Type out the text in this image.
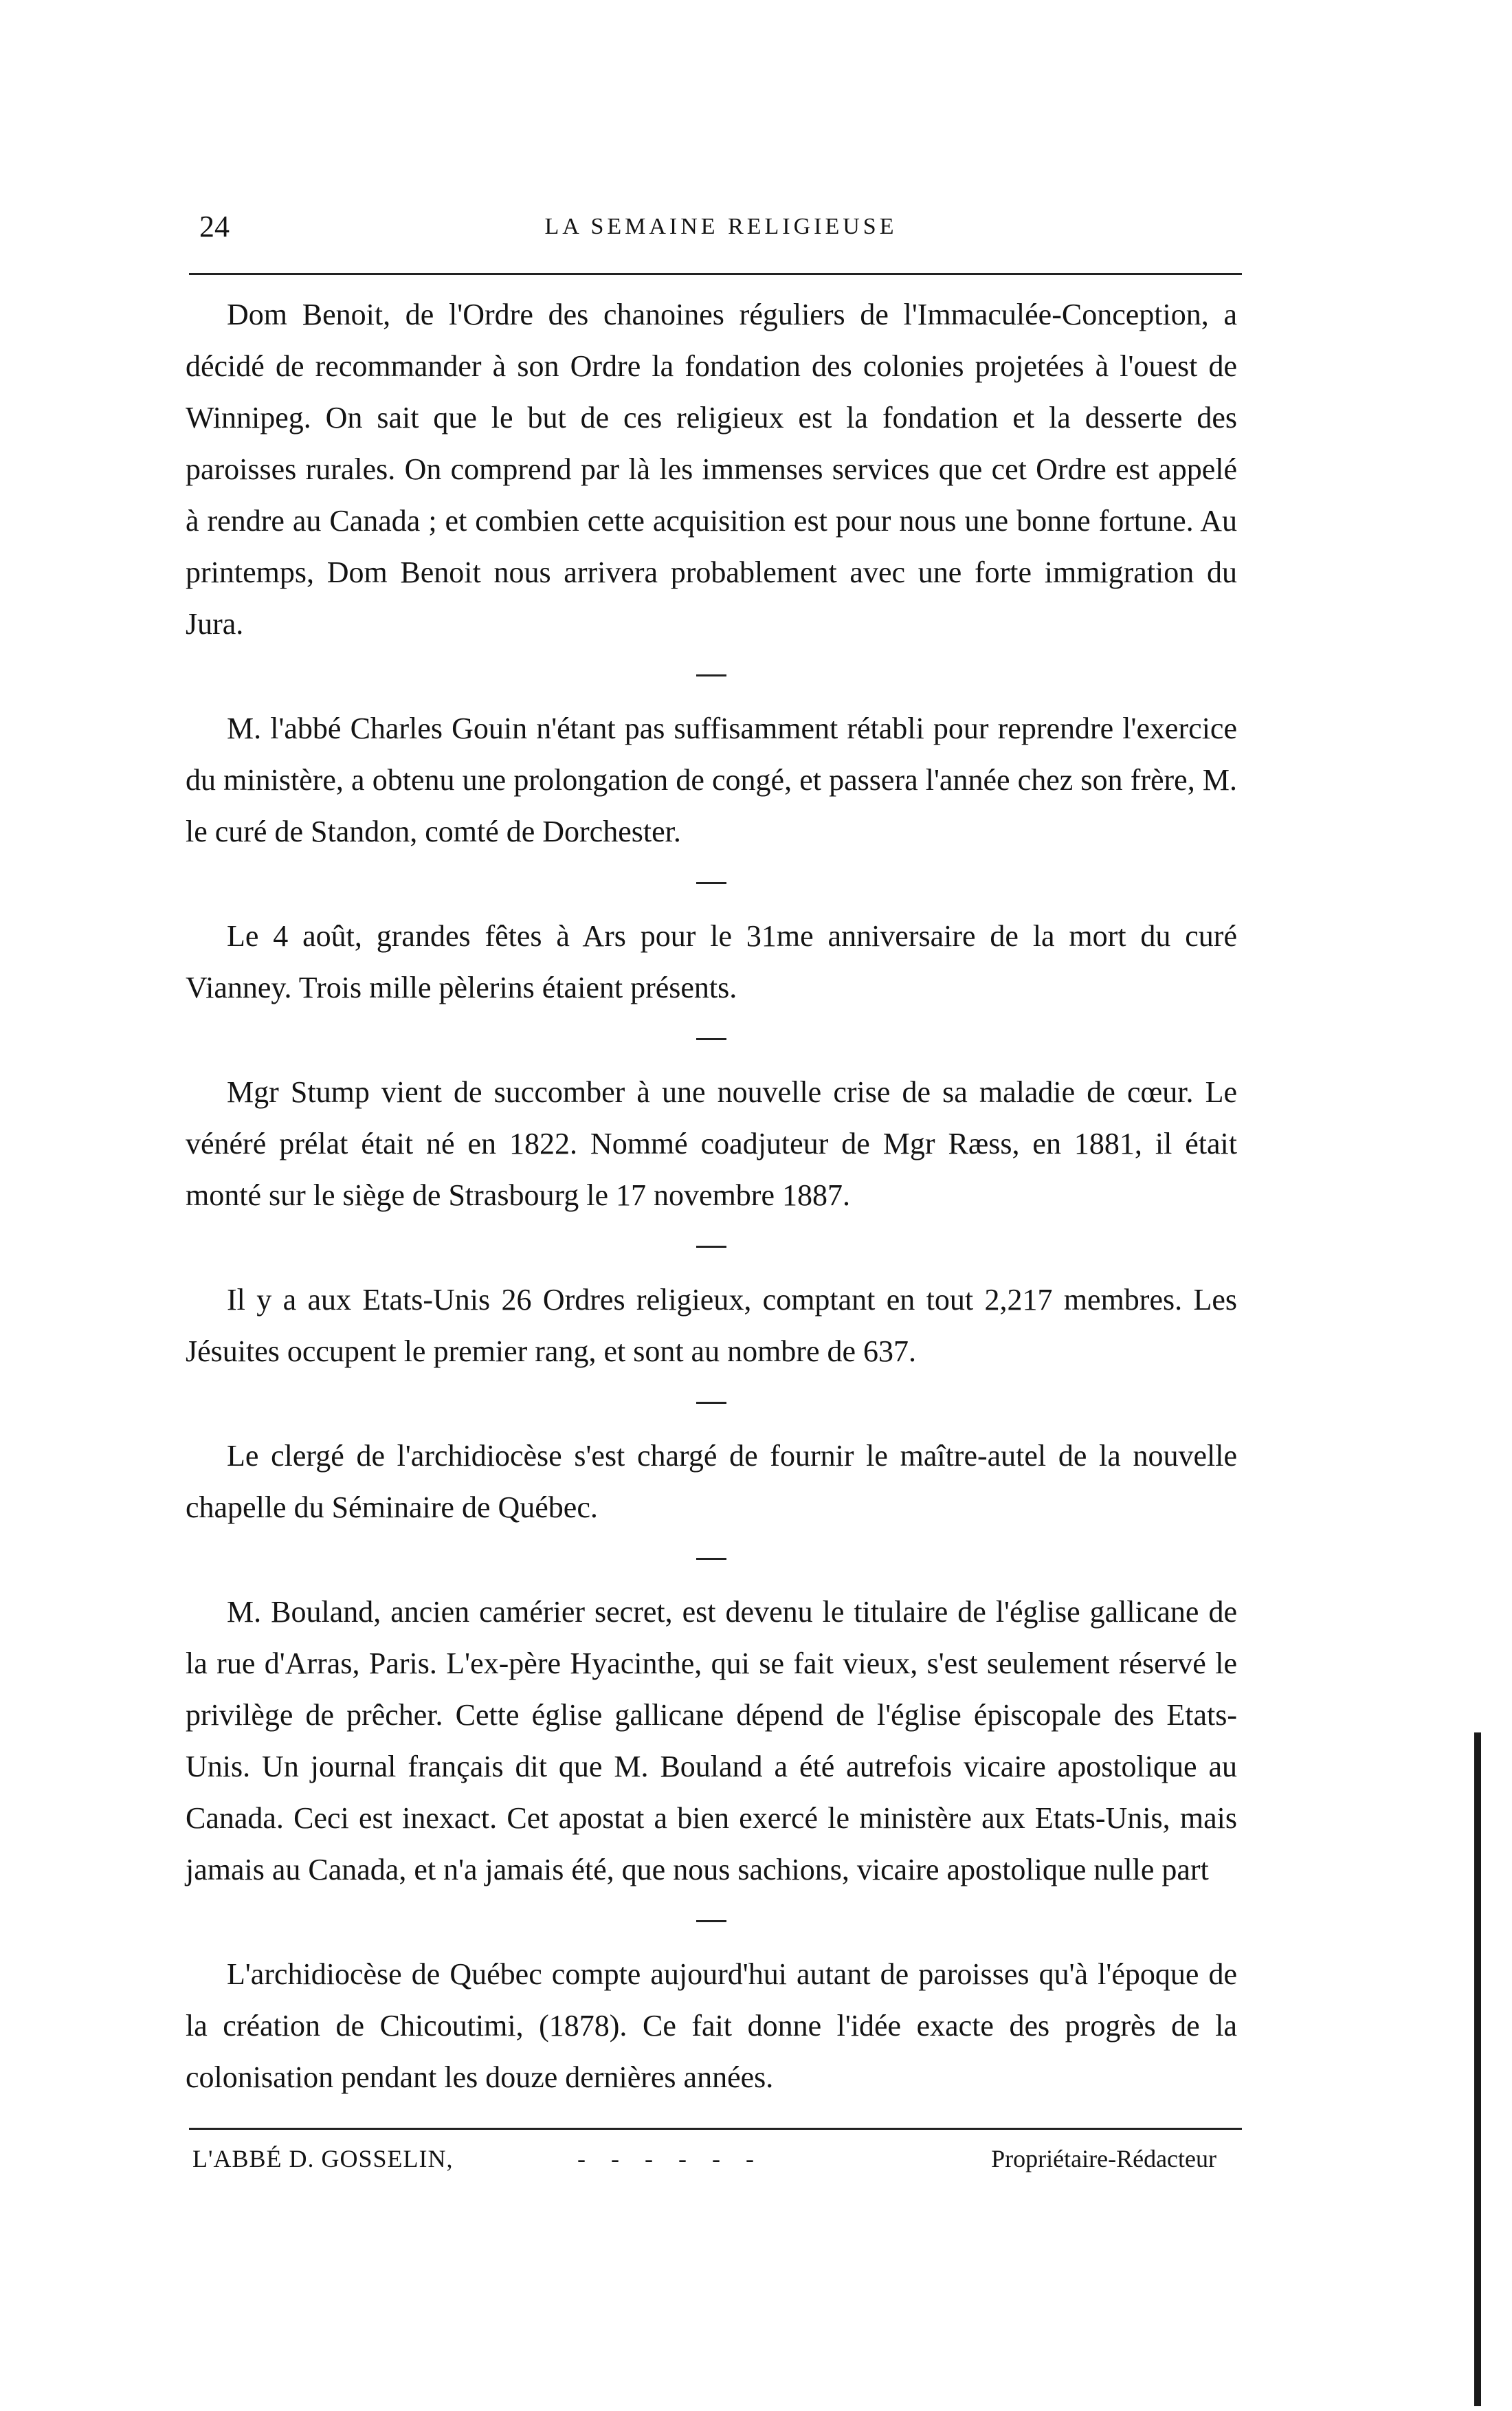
24	LA SEMAINE RELIGIEUSE

Dom Benoit, de l'Ordre des chanoines réguliers de l'Immaculée-Conception, a décidé de recommander à son Ordre la fondation des colonies projetées à l'ouest de Winnipeg. On sait que le but de ces religieux est la fondation et la desserte des paroisses rurales. On comprend par là les immenses services que cet Ordre est appelé à rendre au Canada ; et combien cette acquisition est pour nous une bonne fortune. Au printemps, Dom Benoit nous arrivera probablement avec une forte immigration du Jura.

M. l'abbé Charles Gouin n'étant pas suffisamment rétabli pour reprendre l'exercice du ministère, a obtenu une prolongation de congé, et passera l'année chez son frère, M. le curé de Standon, comté de Dorchester.

Le 4 août, grandes fêtes à Ars pour le 31me anniversaire de la mort du curé Vianney. Trois mille pèlerins étaient présents.

Mgr Stump vient de succomber à une nouvelle crise de sa maladie de cœur. Le vénéré prélat était né en 1822. Nommé coadjuteur de Mgr Ræss, en 1881, il était monté sur le siège de Strasbourg le 17 novembre 1887.

Il y a aux Etats-Unis 26 Ordres religieux, comptant en tout 2,217 membres. Les Jésuites occupent le premier rang, et sont au nombre de 637.

Le clergé de l'archidiocèse s'est chargé de fournir le maître-autel de la nouvelle chapelle du Séminaire de Québec.

M. Bouland, ancien camérier secret, est devenu le titulaire de l'église gallicane de la rue d'Arras, Paris. L'ex-père Hyacinthe, qui se fait vieux, s'est seulement réservé le privilège de prêcher. Cette église gallicane dépend de l'église épiscopale des Etats-Unis. Un journal français dit que M. Bouland a été autrefois vicaire apostolique au Canada. Ceci est inexact. Cet apostat a bien exercé le ministère aux Etats-Unis, mais jamais au Canada, et n'a jamais été, que nous sachions, vicaire apostolique nulle part

L'archidiocèse de Québec compte aujourd'hui autant de paroisses qu'à l'époque de la création de Chicoutimi, (1878). Ce fait donne l'idée exacte des progrès de la colonisation pendant les douze dernières années.

L'ABBÉ D. GOSSELIN,	- - - - - -	Propriétaire-Rédacteur
